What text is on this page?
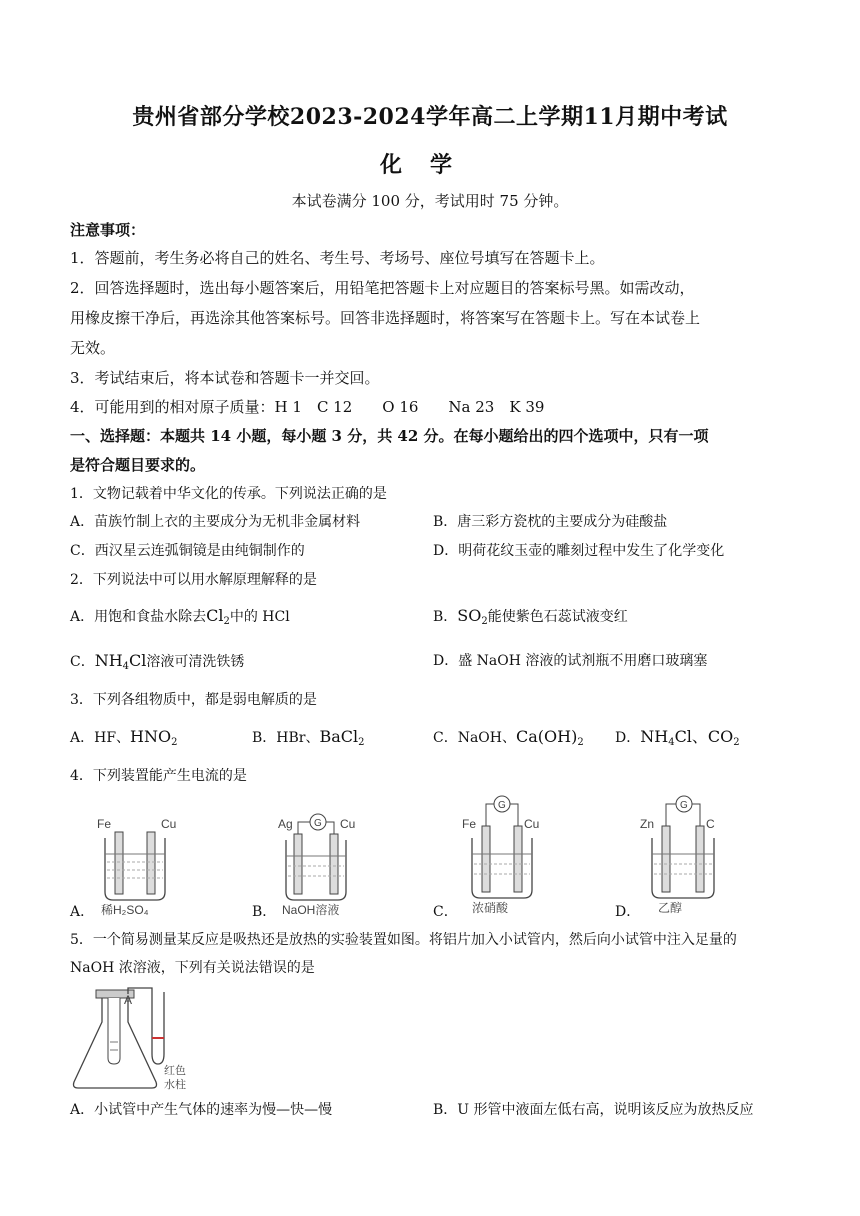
贵州省部分学校2023-2024学年高二上学期11月期中考试
化学
本试卷满分 100 分，考试用时 75 分钟。
注意事项：
1．答题前，考生务必将自己的姓名、考生号、考场号、座位号填写在答题卡上。
2．回答选择题时，选出每小题答案后，用铅笔把答题卡上对应题目的答案标号黑。如需改动，
用橡皮擦干净后，再选涂其他答案标号。回答非选择题时，将答案写在答题卡上。写在本试卷上
无效。
3．考试结束后，将本试卷和答题卡一并交回。
4．可能用到的相对原子质量：H 1　C 12　　O 16　　Na 23　K 39
一、选择题：本题共 14 小题，每小题 3 分，共 42 分。在每小题给出的四个选项中，只有一项
是符合题目要求的。
1．文物记载着中华文化的传承。下列说法正确的是
A．苗族竹制上衣的主要成分为无机非金属材料	B．唐三彩方瓷枕的主要成分为硅酸盐
C．西汉星云连弧铜镜是由纯铜制作的	D．明荷花纹玉壶的雕刻过程中发生了化学变化
2．下列说法中可以用水解原理解释的是
A．用饱和食盐水除去$Cl_2$中的 HCl	B．$SO_2$能使紫色石蕊试液变红
C．$NH_4Cl$溶液可清洗铁锈	D．盛 NaOH 溶液的试剂瓶不用磨口玻璃塞
3．下列各组物质中，都是弱电解质的是
A．HF、$HNO_2$	B．HBr、BaCl$_2$	C．NaOH、$Ca(OH)_2$ D．$NH_4Cl$、$CO_2$
4．下列装置能产生电流的是
A．
Fe	Cu
稀H₂SO₄	B．
G
Ag	Cu
NaOH溶液	C．
G
Fe	Cu
浓硝酸	D．
G
Zn	C
乙醇
5．一个简易测量某反应是吸热还是放热的实验装置如图。将铝片加入小试管内，然后向小试管中注入足量的
NaOH 浓溶液，下列有关说法错误的是
A
红色
水柱
A．小试管中产生气体的速率为慢—快—慢	B．U 形管中液面左低右高，说明该反应为放热反应
